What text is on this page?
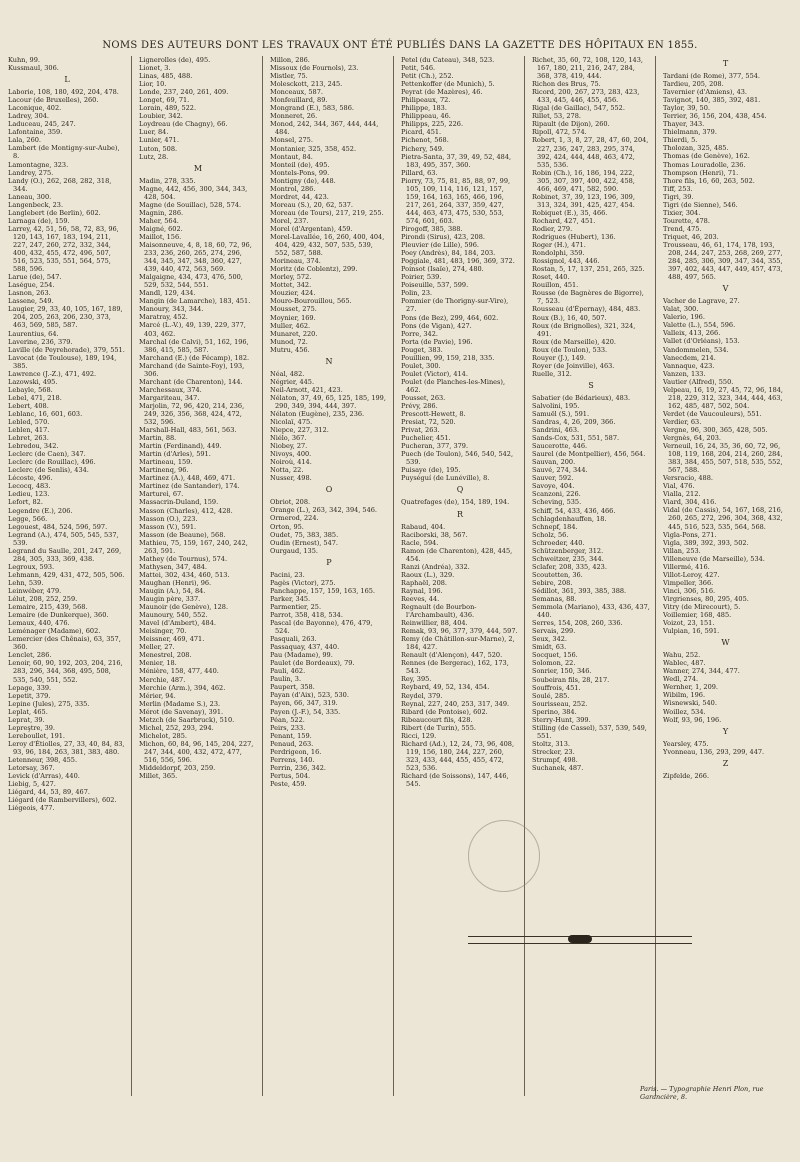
NOMS DES AUTEURS DONT LES TRAVAUX ONT ÉTÉ PUBLIÉS DANS LA GAZETTE DES HÔPITAUX EN 1855.
Kuhn, 99.
Kussmaul, 306.
L
Laborie, 108, 180, 492, 204, 478.
Lacour (de Bruxelles), 260.
Laconique, 402.
Ladrey, 304.
Laduceau, 245, 247.
Lafontaine, 359.
Lala, 260.
Lambert (de Montigny-sur-Aube), 8.
Lamontagne, 323.
Landrey, 275.
Landy (O.), 262, 268, 282, 318, 344.
Laneau, 300.
Langenbeck, 23.
Langlebert (de Berlin), 602.
Larnaga (de), 159.
Larrey, 42, 51, 56, 58, 72, 83, 96, 120, 143, 167, 183, 194, 211, 227, 247, 260, 272, 332, 344, 400, 432, 455, 472, 496, 507, 516, 523, 535, 551, 564, 575, 588, 596.
Larue (de), 547.
Laségue, 254.
Lasnon, 263.
Lassene, 549.
Laugier, 29, 33, 40, 105, 167, 189, 204, 205, 263, 206, 230, 373, 463, 569, 585, 587.
Laurentius, 64.
Laverine, 236, 379.
Laville (de Peyrehorade), 379, 551.
Lavocat (de Toulouse), 189, 194, 385.
Lawrence (J.-Z.), 471, 492.
Lazowski, 495.
Lebayle, 568.
Lebel, 471, 218.
Lebert, 408.
Leblanc, 16, 601, 603.
Lebled, 570.
Leblen, 417.
Lebret, 263.
Lebredou, 342.
Leclerc (de Caen), 347.
Leclerc (de Rouillac), 496.
Leclerc (de Senlis), 434.
Lécoste, 496.
Lecocq, 483.
Ledieu, 123.
Lefort, 82.
Legendre (E.), 206.
Legge, 566.
Legouest, 484, 524, 596, 597.
Legrand (A.), 474, 505, 545, 537, 539.
Legrand du Saulle, 201, 247, 269, 284, 305, 333, 369, 438.
Legroux, 593.
Lehmann, 429, 431, 472, 505, 506.
Lehn, 539.
Leinwéber, 479.
Lélut, 208, 252, 259.
Lemaire, 215, 439, 568.
Lemaire (de Dunkerque), 360.
Lemaux, 440, 476.
Leménager (Madame), 602.
Lemercier (des Chênais), 63, 357, 360.
Lenclet, 286.
Lenoir, 60, 90, 192, 203, 204, 216, 283, 296, 344, 368, 495, 508, 535, 540, 551, 552.
Lepage, 339.
Lepetit, 379.
Lepine (Jules), 275, 335.
Leplat, 465.
Leprat, 39.
Lepreştre, 39.
Lereboullet, 191.
Leroy d'Étiolles, 27, 33, 40, 84, 83, 93, 96, 184, 263, 381, 383, 480.
Letenneur, 398, 455.
Letorsay, 367.
Levick (d'Arras), 440.
Liebig, 5, 427.
Liégard, 44, 53, 89, 467.
Liégard (de Rambervillers), 602.
Liégeois, 477.
Lignerolles (de), 495.
Lionet, 3.
Linas, 485, 488.
Lior, 10.
Londe, 237, 240, 261, 409.
Longet, 69, 71.
Lorain, 489, 522.
Loubier, 342.
Loydreau (de Chagny), 66.
Luer, 84.
Lunier, 471.
Luton, 508.
Lutz, 28.
M
Madin, 278, 335.
Magne, 442, 456, 300, 344, 343, 428, 504.
Magne (de Souillac), 528, 574.
Magnin, 286.
Maher, 564.
Maigné, 602.
Maillot, 156.
Maisonneuve, 4, 8, 18, 60, 72, 96, 233, 236, 260, 265, 274, 296, 344, 345, 347, 348, 360, 427, 439, 440, 472, 563, 569.
Malgaigne, 434, 473, 476, 500, 529, 532, 544, 551.
Mandl, 129, 434.
Mangin (de Lamarche), 183, 451.
Manoury, 343, 344.
Maratray, 452.
Marcé (L.-V.), 49, 139, 229, 377, 403, 462.
Marchal (de Calvi), 51, 162, 196, 386, 415, 585, 587.
Marchand (E.) (de Fécamp), 182.
Marchand (de Sainte-Foy), 193, 306.
Marchant (de Charenton), 144.
Marchessaux, 374.
Margariteau, 347.
Marjolin, 72, 96, 420, 214, 236, 249, 326, 356, 368, 424, 472, 532, 596.
Marshall-Hall, 483, 561, 563.
Martin, 88.
Martin (Ferdinand), 449.
Martin (d'Arles), 591.
Martineau, 159.
Martinenq, 96.
Martinez (A.), 448, 469, 471.
Martinez (de Santander), 174.
Martureì, 67.
Massacrin-Duland, 159.
Masson (Charles), 412, 428.
Masson (O.), 223.
Masson (V.), 591.
Masson (de Beaune), 568.
Mathieu, 75, 159, 167, 240, 242, 263, 591.
Mathey (de Tournus), 574.
Mathysen, 347, 484.
Mattei, 302, 434, 460, 513.
Maughan (Henri), 96.
Maugin (A.), 54, 84.
Maugin père, 337.
Maunoir (de Genève), 128.
Maunoury, 540, 552.
Mavel (d'Ambert), 484.
Meisinger, 70.
Meissner, 469, 471.
Meller, 27.
Menestrel, 208.
Menier, 18.
Ménière, 158, 477, 440.
Merchie, 487.
Merchie (Arm.), 394, 462.
Mérier, 94.
Merlin (Madame S.), 23.
Mérot (de Savenay), 391.
Metzch (de Saarbruck), 510.
Michel, 252, 293, 294.
Michelot, 285.
Michon, 60, 84, 96, 145, 204, 227, 247, 344, 400, 432, 472, 477, 516, 556, 596.
Middeldorpf, 203, 259.
Millet, 365.
Millon, 286.
Missoux (de Fournols), 23.
Mistler, 75.
Molesckott, 213, 245.
Monceaux, 587.
Monfeuillard, 89.
Mongrand (E.), 583, 586.
Monneret, 26.
Monod, 242, 344, 367, 444, 444, 484.
Monsel, 275.
Montanier, 325, 358, 452.
Montaut, 84.
Monteil (de), 495.
Montels-Pons, 99.
Montigny (de), 448.
Montrol, 286.
Mordret, 44, 423.
Moreau (S.), 20, 62, 537.
Moreau (de Tours), 217, 219, 255.
Morel, 237.
Morel (d'Argentan), 459.
Morel-Lavallée, 16, 260, 400, 404, 404, 429, 432, 507, 535, 539, 552, 587, 588.
Morineau, 374.
Moritz (de Coblentz), 299.
Morley, 572.
Mottet, 342.
Mouzier, 424.
Mouro-Bourouillou, 565.
Mousset, 275.
Moynier, 169.
Muller, 462.
Munaret, 220.
Munod, 72.
Mutru, 456.
N
Néal, 482.
Négrier, 445.
Neil-Arnott, 421, 423.
Nélaton, 37, 49, 65, 125, 185, 199, 290, 349, 394, 444, 397.
Nélaton (Eugène), 235, 236.
Nicolaï, 475.
Niepce, 227, 312.
Niélo, 367.
Niobey, 27.
Nivoys, 400.
Noiroù, 414.
Notta, 22.
Nusser, 498.
O
Obriot, 208.
Orange (L.), 263, 342, 394, 546.
Ormerod, 224.
Orton, 95.
Oudet, 75, 383, 385.
Oudin (Ernest), 547.
Ourgaud, 135.
P
Pacini, 23.
Pagès (Victor), 275.
Panchappe, 157, 159, 163, 165.
Parker, 345.
Parmentier, 25.
Parrot, 358, 418, 534.
Pascal (de Bayonne), 476, 479, 524.
Pasquali, 263.
Passaquay, 437, 440.
Pau (Madame), 99.
Paulet (de Bordeaux), 79.
Pauli, 462.
Paulin, 3.
Paupert, 358.
Payan (d'Aix), 523, 530.
Payen, 66, 347, 319.
Payen (J.-F.), 54, 335.
Péan, 522.
Peirs, 233.
Penant, 159.
Penaud, 263.
Perdrigeon, 16.
Perrens, 140.
Perrin, 236, 342.
Pertus, 504.
Peste, 459.
Petel (du Cateau), 348, 523.
Petit, 546.
Petit (Ch.), 252.
Pettenkoffer (de Munich), 5.
Peyrat (de Mazères), 46.
Philipeaux, 72.
Philippe, 183.
Philippeau, 46.
Philipps, 225, 226.
Picard, 451.
Pichenot, 568.
Pichery, 549.
Pietra-Santa, 37, 39, 49, 52, 484, 183, 495, 357, 360.
Pillard, 63.
Piorry, 73, 75, 81, 85, 88, 97, 99, 105, 109, 114, 116, 121, 157, 159, 164, 163, 165, 466, 196, 217, 261, 264, 337, 359, 427, 444, 463, 473, 475, 530, 553, 574, 601, 603.
Pirogoff, 385, 388.
Pirondi (Sirus), 423, 208.
Pleuvier (de Lille), 596.
Poey (Andrès), 84, 184, 203.
Poggiale, 481, 483, 196, 369, 372.
Poinsot (Isaïe), 274, 480.
Poirier, 539.
Poiseuille, 537, 599.
Polin, 23.
Pommier (de Thorigny-sur-Vire), 27.
Pons (de Bez), 299, 464, 602.
Pons (de Vigan), 427.
Porre, 342.
Porta (de Pavie), 196.
Pouget, 383.
Pouillien, 99, 159, 218, 335.
Poulet, 300.
Poulet (Victor), 414.
Poulet (de Planches-les-Mines), 462.
Pousset, 263.
Prévy, 286.
Prescott-Hewett, 8.
Presiat, 72, 520.
Privat, 263.
Puchelier, 451.
Pucheran, 377, 379.
Puech (de Toulon), 546, 540, 542, 539.
Puisaye (de), 195.
Puységuí (de Lunéville), 8.
Q
Quatrefages (de), 154, 189, 194.
R
Rabaud, 404.
Raciborski, 38, 567.
Racle, 594.
Ramon (de Charenton), 428, 445, 454.
Ranzi (Andréa), 332.
Raoux (L.), 329.
Raphaël, 208.
Raynal, 196.
Reeves, 44.
Regnault (de Bourbon-l'Archambault), 436.
Reinwillier, 88, 404.
Remak, 93, 96, 377, 379, 444, 597.
Remy (de Châtillon-sur-Marne), 2, 184, 427.
Renault (d'Alençon), 447, 520.
Rennes (de Bergerac), 162, 173, 543.
Rey, 395.
Reybard, 49, 52, 134, 454.
Reydel, 379.
Reynal, 227, 240, 253, 317, 349.
Ribard (de Pontoise), 602.
Ribeaucourt fils, 428.
Ribert (de Turin), 555.
Ricci, 129.
Richard (Ad.), 12, 24, 73, 96, 408, 119, 156, 180, 244, 227, 260, 323, 433, 444, 455, 455, 472, 523, 536.
Richard (de Soissons), 147, 446, 545.
Richet, 35, 60, 72, 108, 120, 143, 167, 180, 211, 216, 247, 284, 368, 378, 419, 444.
Richon des Brus, 75.
Ricord, 200, 267, 273, 283, 423, 433, 445, 446, 455, 456.
Rigal (de Gaillac), 547, 552.
Rillet, 53, 278.
Ripault (de Dijon), 260.
Ripoll, 472, 574.
Robert, 1, 3, 8, 27, 28, 47, 60, 204, 227, 236, 247, 283, 295, 374, 392, 424, 444, 448, 463, 472, 535, 536.
Robin (Ch.), 16, 186, 194, 222, 305, 307, 397, 400, 422, 458, 466, 469, 471, 582, 590.
Robinet, 37, 39, 123, 196, 309, 313, 324, 391, 425, 427, 454.
Robiquet (E.), 35, 466.
Rochard, 427, 451.
Rodier, 279.
Rodrigues (Hubert), 136.
Roger (H.), 471.
Rondolphi, 359.
Rossignol, 443, 446.
Rostan, 5, 17, 137, 251, 265, 325.
Roset, 440.
Rouillon, 451.
Rousse (de Bagnères de Bigorre), 7, 523.
Rousseau (d'Épernay), 484, 483.
Roux (B.), 16, 40, 507.
Roux (de Brignolles), 321, 324, 491.
Roux (de Marseille), 420.
Roux (de Toulon), 533.
Rouyer (J.), 149.
Royer (de Joinville), 463.
Ruelle, 312.
S
Sabatier (de Bédarieux), 483.
Salvolini, 195.
Samuël (S.), 591.
Sandras, 4, 26, 209, 366.
Sandrini, 463.
Sands-Cox, 531, 551, 587.
Saucerotte, 446.
Saurel (de Montpellier), 456, 564.
Sauvan, 200.
Sauvé, 274, 344.
Sauver, 592.
Savoye, 404.
Scanzoni, 226.
Scheving, 535.
Schiff, 54, 433, 436, 466.
Schlagdenhauffen, 18.
Schnepf, 184.
Scholz, 56.
Schroeder, 440.
Schützenberger, 312.
Schweitzer, 235, 344.
Sclafer, 208, 335, 423.
Scoutetten, 36.
Sebire, 208.
Sédillot, 361, 393, 385, 388.
Semanas, 88.
Semmola (Mariano), 433, 436, 437, 440.
Serres, 154, 208, 260, 336.
Servais, 299.
Seux, 342.
Smidt, 63.
Socquet, 156.
Solomon, 22.
Sonrier, 150, 346.
Soubeiran fils, 28, 217.
Souffrois, 451.
Soulé, 285.
Sourisseau, 252.
Sperino, 384.
Sterry-Hunt, 399.
Stilling (de Cassel), 537, 539, 549, 551.
Stoltz, 313.
Strecker, 23.
Strumpf, 498.
Suchanek, 487.
T
Tardani (de Rome), 377, 554.
Tardieu, 205, 208.
Tavernier (d'Amiens), 43.
Tavignot, 140, 385, 392, 481.
Taylor, 39, 50.
Terrier, 36, 156, 204, 438, 454.
Thayer, 343.
Thielmann, 379.
Thierdi, 5.
Tholozan, 325, 485.
Thomas (de Genève), 162.
Thomas Louradolle, 236.
Thompson (Henri), 71.
Thore fils, 16, 60, 263, 502.
Tiff, 253.
Tigri, 39.
Tigri (de Sienne), 546.
Tixier, 304.
Tourette, 478.
Trend, 475.
Triquet, 46, 203.
Trousseau, 46, 61, 174, 178, 193, 208, 244, 247, 253, 268, 269, 277, 284, 285, 306, 309, 347, 344, 355, 397, 402, 443, 447, 449, 457, 473, 488, 497, 565.
V
Vacher de Lagrave, 27.
Valat, 300.
Valerio, 196.
Valette (L.), 554, 596.
Valleix, 413, 266.
Vallet (d'Orléans), 153.
Vandommelen, 534.
Vanecdem, 214.
Vannaque, 423.
Vanzen, 133.
Vautier (Alfred), 550.
Velpeau, 16, 19, 27, 45, 72, 96, 184, 218, 229, 312, 323, 344, 444, 463, 162, 485, 487, 502, 504.
Verdet (de Vaucouleurs), 551.
Verdier, 63.
Vergne, 96, 300, 365, 428, 505.
Vergnès, 64, 203.
Verneuil, 16, 24, 35, 36, 60, 72, 96, 108, 119, 168, 204, 214, 260, 284, 383, 384, 455, 507, 518, 535, 552, 567, 588.
Versracio, 488.
Vial, 476.
Vialla, 212.
Viard, 304, 416.
Vidal (de Cassis), 54, 167, 168, 216, 260, 265, 272, 296, 304, 368, 432, 445, 516, 523, 535, 564, 568.
Vigla-Pons, 271.
Vigla, 389, 392, 393, 502.
Villan, 253.
Villeneuve (de Marseille), 534.
Villermé, 416.
Villot-Leroy, 427.
Vimpeller, 366.
Vinci, 306, 516.
Virgrienses, 80, 295, 405.
Vitry (de Mirecourt), 5.
Voillemier, 168, 485.
Voizot, 23, 151.
Vulpian, 16, 591.
W
Wahu, 252.
Wablec, 487.
Wanner, 274, 344, 477.
Wedl, 274.
Wernher, 1, 209.
Wibilm, 196.
Wisnewski, 540.
Woillez, 534.
Wolf, 93, 96, 196.
Y
Yearsley, 475.
Yvonneau, 136, 293, 299, 447.
Z
Zipfelde, 266.
Paris. — Typographie Henri Plon, rue Garancière, 8.
